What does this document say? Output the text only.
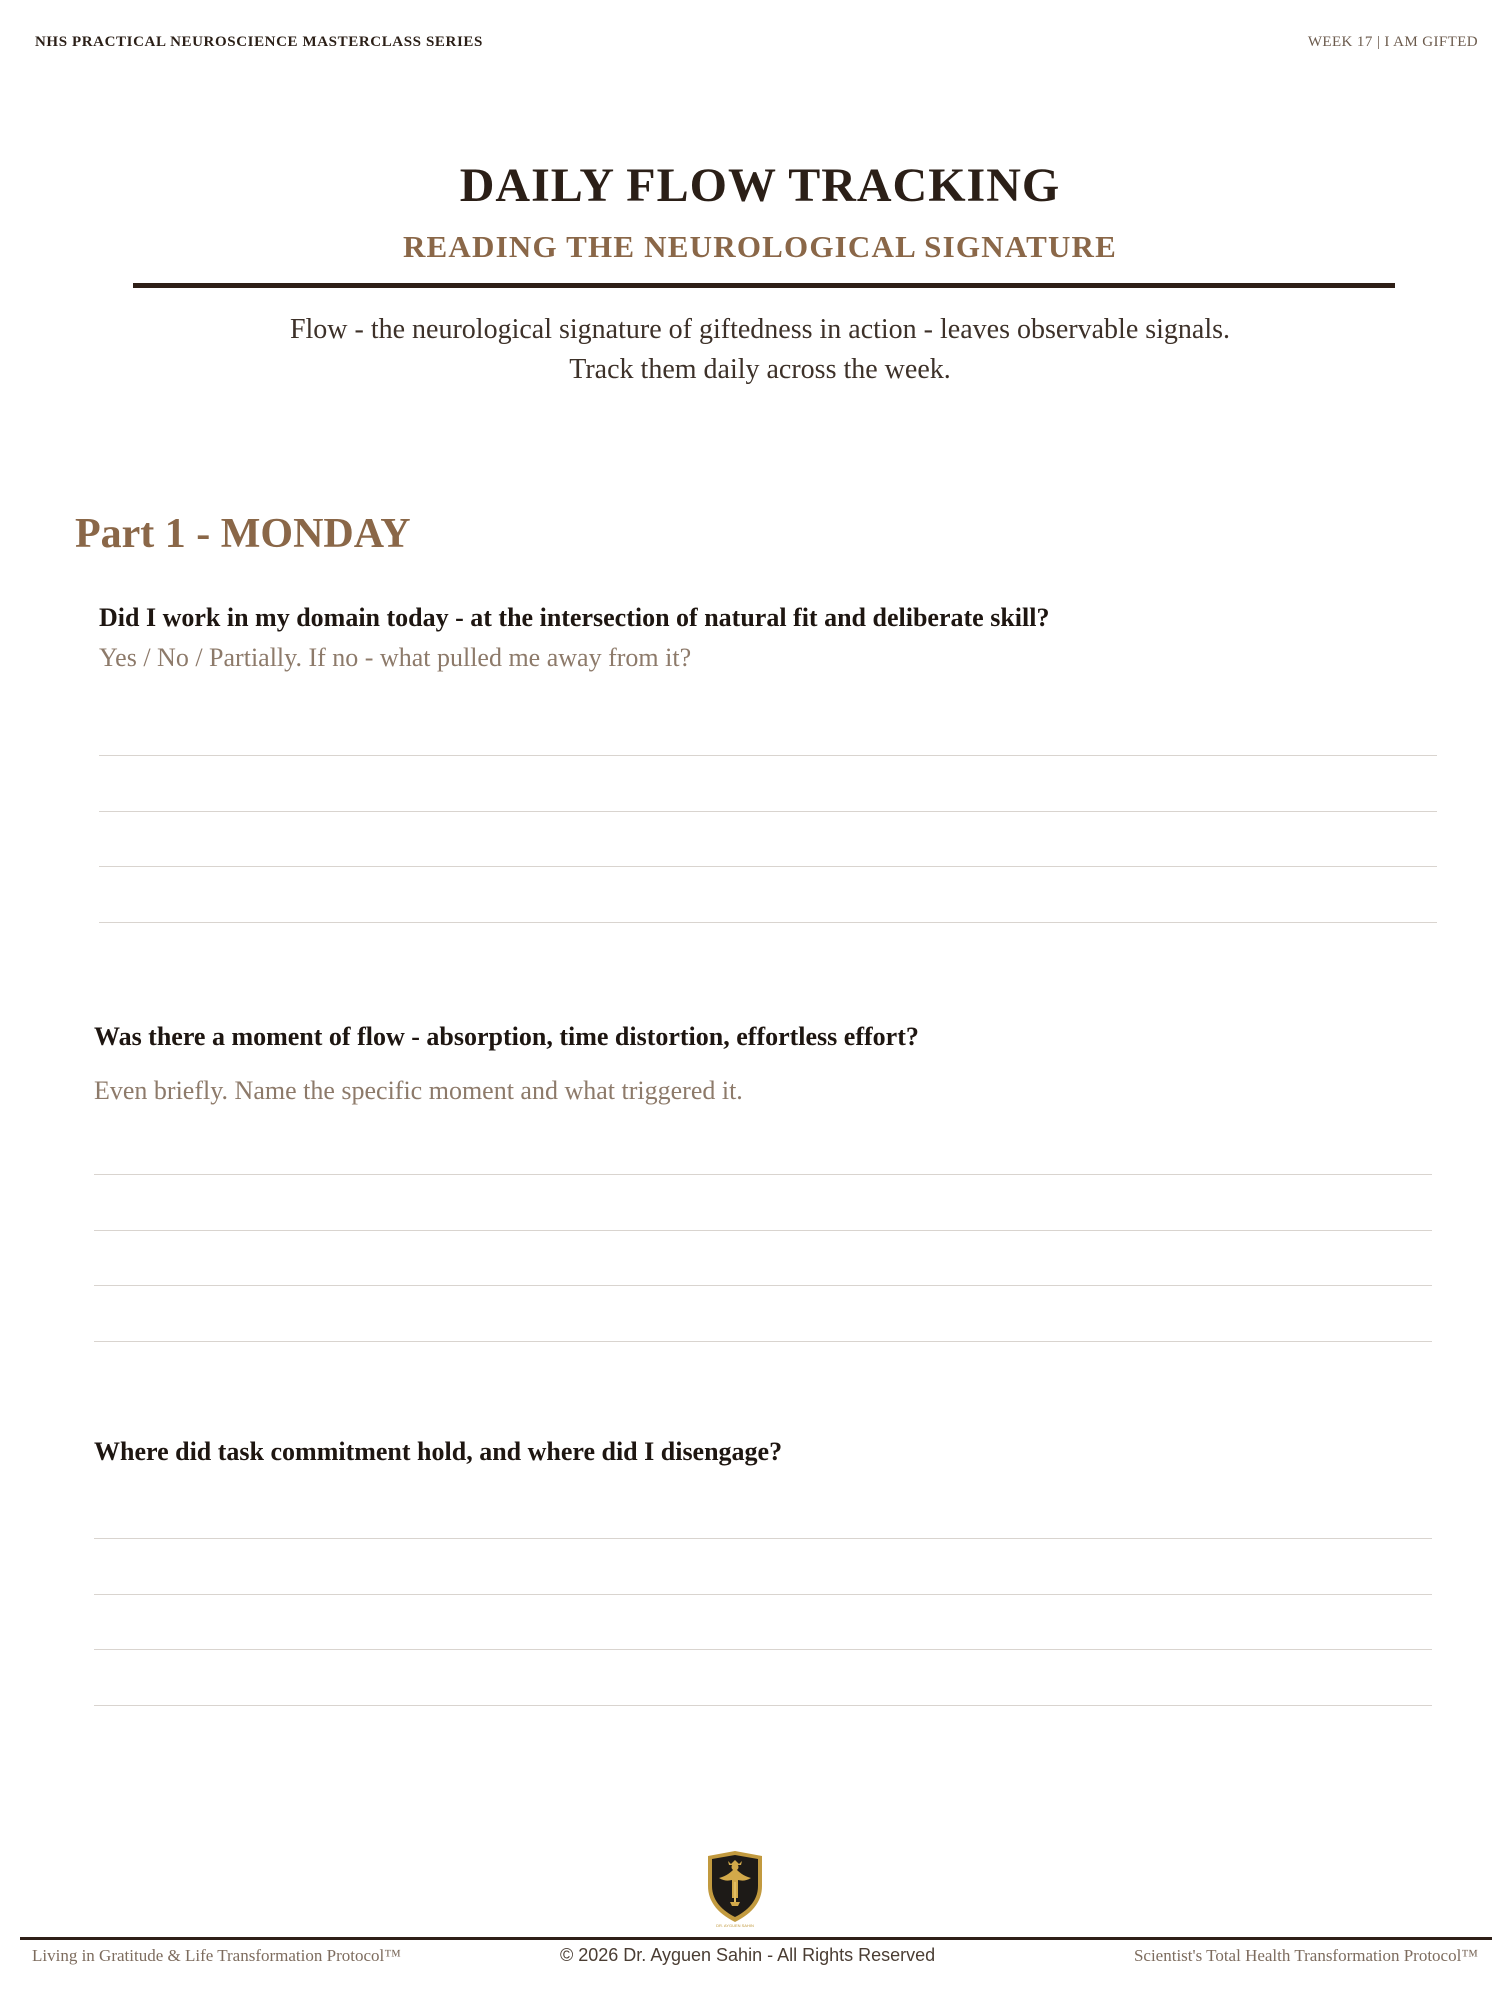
NHS PRACTICAL NEUROSCIENCE MASTERCLASS SERIES	WEEK 17 | I AM GIFTED
DAILY FLOW TRACKING
READING THE NEUROLOGICAL SIGNATURE
Flow - the neurological signature of giftedness in action - leaves observable signals.
Track them daily across the week.
Part 1 - MONDAY
Did I work in my domain today - at the intersection of natural fit and deliberate skill?
Yes / No / Partially. If no - what pulled me away from it?
Was there a moment of flow - absorption, time distortion, effortless effort?
Even briefly. Name the specific moment and what triggered it.
Where did task commitment hold, and where did I disengage?
DR. AYGUEN SAHIN
Living in Gratitude & Life Transformation Protocol™	© 2026 Dr. Ayguen Sahin - All Rights Reserved	Scientist's Total Health Transformation Protocol™
